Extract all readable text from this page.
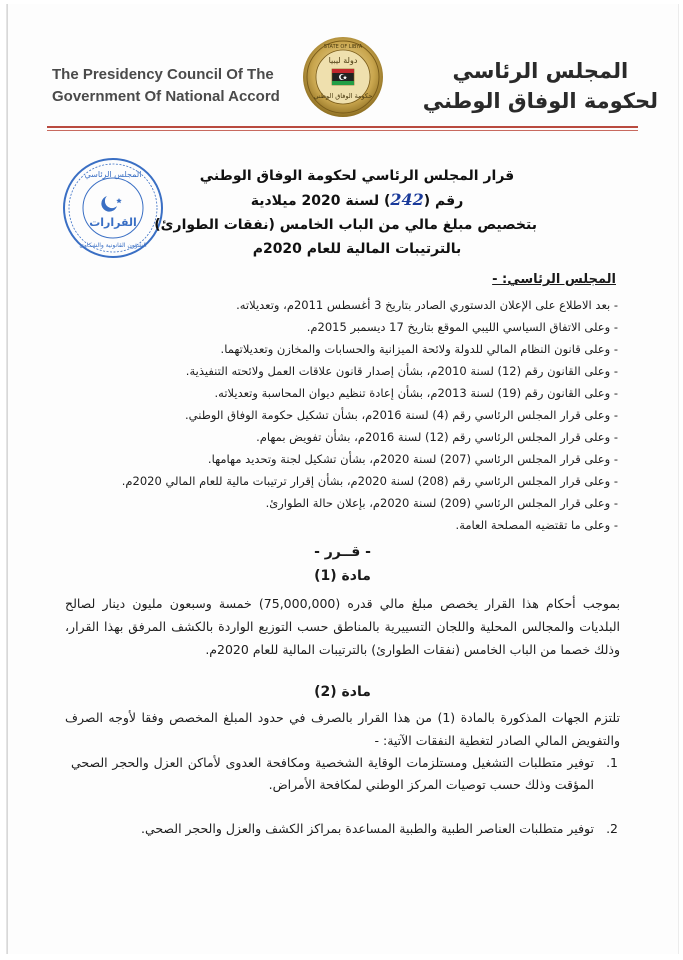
The Presidency Council Of The
Government Of National Accord
STATE OF LIBYA
دولة ليبيا
حكومة الوفاق الوطني
المجلس الرئاسي
لحكومة الوفاق الوطني
المجلس الرئاسي
القرارات
الشؤون القانونية والشكاوى
قرار المجلس الرئاسي لحكومة الوفاق الوطني
رقم (242) لسنة 2020 ميلادية
بتخصيص مبلغ مالي من الباب الخامس (نفقات الطوارئ)
بالترتيبات المالية للعام 2020م
المجلس الرئاسي: -
- بعد الاطلاع على الإعلان الدستوري الصادر بتاريخ 3 أغسطس 2011م، وتعديلاته.
- وعلى الاتفاق السياسي الليبي الموقع بتاريخ 17 ديسمبر 2015م.
- وعلى قانون النظام المالي للدولة ولائحة الميزانية والحسابات والمخازن وتعديلاتهما.
- وعلى القانون رقم (12) لسنة 2010م، بشأن إصدار قانون علاقات العمل ولائحته التنفيذية.
- وعلى القانون رقم (19) لسنة 2013م، بشأن إعادة تنظيم ديوان المحاسبة وتعديلاته.
- وعلى قرار المجلس الرئاسي رقم (4) لسنة 2016م، بشأن تشكيل حكومة الوفاق الوطني.
- وعلى قرار المجلس الرئاسي رقم (12) لسنة 2016م، بشأن تفويض بمهام.
- وعلى قرار المجلس الرئاسي (207) لسنة 2020م، بشأن تشكيل لجنة وتحديد مهامها.
- وعلى قرار المجلس الرئاسي رقم (208) لسنة 2020م، بشأن إقرار ترتيبات مالية للعام المالي 2020م.
- وعلى قرار المجلس الرئاسي (209) لسنة 2020م، بإعلان حالة الطوارئ.
- وعلى ما تقتضيه المصلحة العامة.
- قــرر -
مادة (1)
بموجب أحكام هذا القرار يخصص مبلغ مالي قدره (75,000,000) خمسة وسبعون مليون دينار لصالح البلديات والمجالس المحلية واللجان التسييرية بالمناطق حسب التوزيع الواردة بالكشف المرفق بهذا القرار، وذلك خصما من الباب الخامس (نفقات الطوارئ) بالترتيبات المالية للعام 2020م.
مادة (2)
تلتزم الجهات المذكورة بالمادة (1) من هذا القرار بالصرف في حدود المبلغ المخصص وفقا لأوجه الصرف والتفويض المالي الصادر لتغطية النفقات الآتية: -
1.
توفير متطلبات التشغيل ومستلزمات الوقاية الشخصية ومكافحة العدوى لأماكن العزل والحجر الصحي المؤقت وذلك حسب توصيات المركز الوطني لمكافحة الأمراض.
2.
توفير متطلبات العناصر الطبية والطبية المساعدة بمراكز الكشف والعزل والحجر الصحي.
